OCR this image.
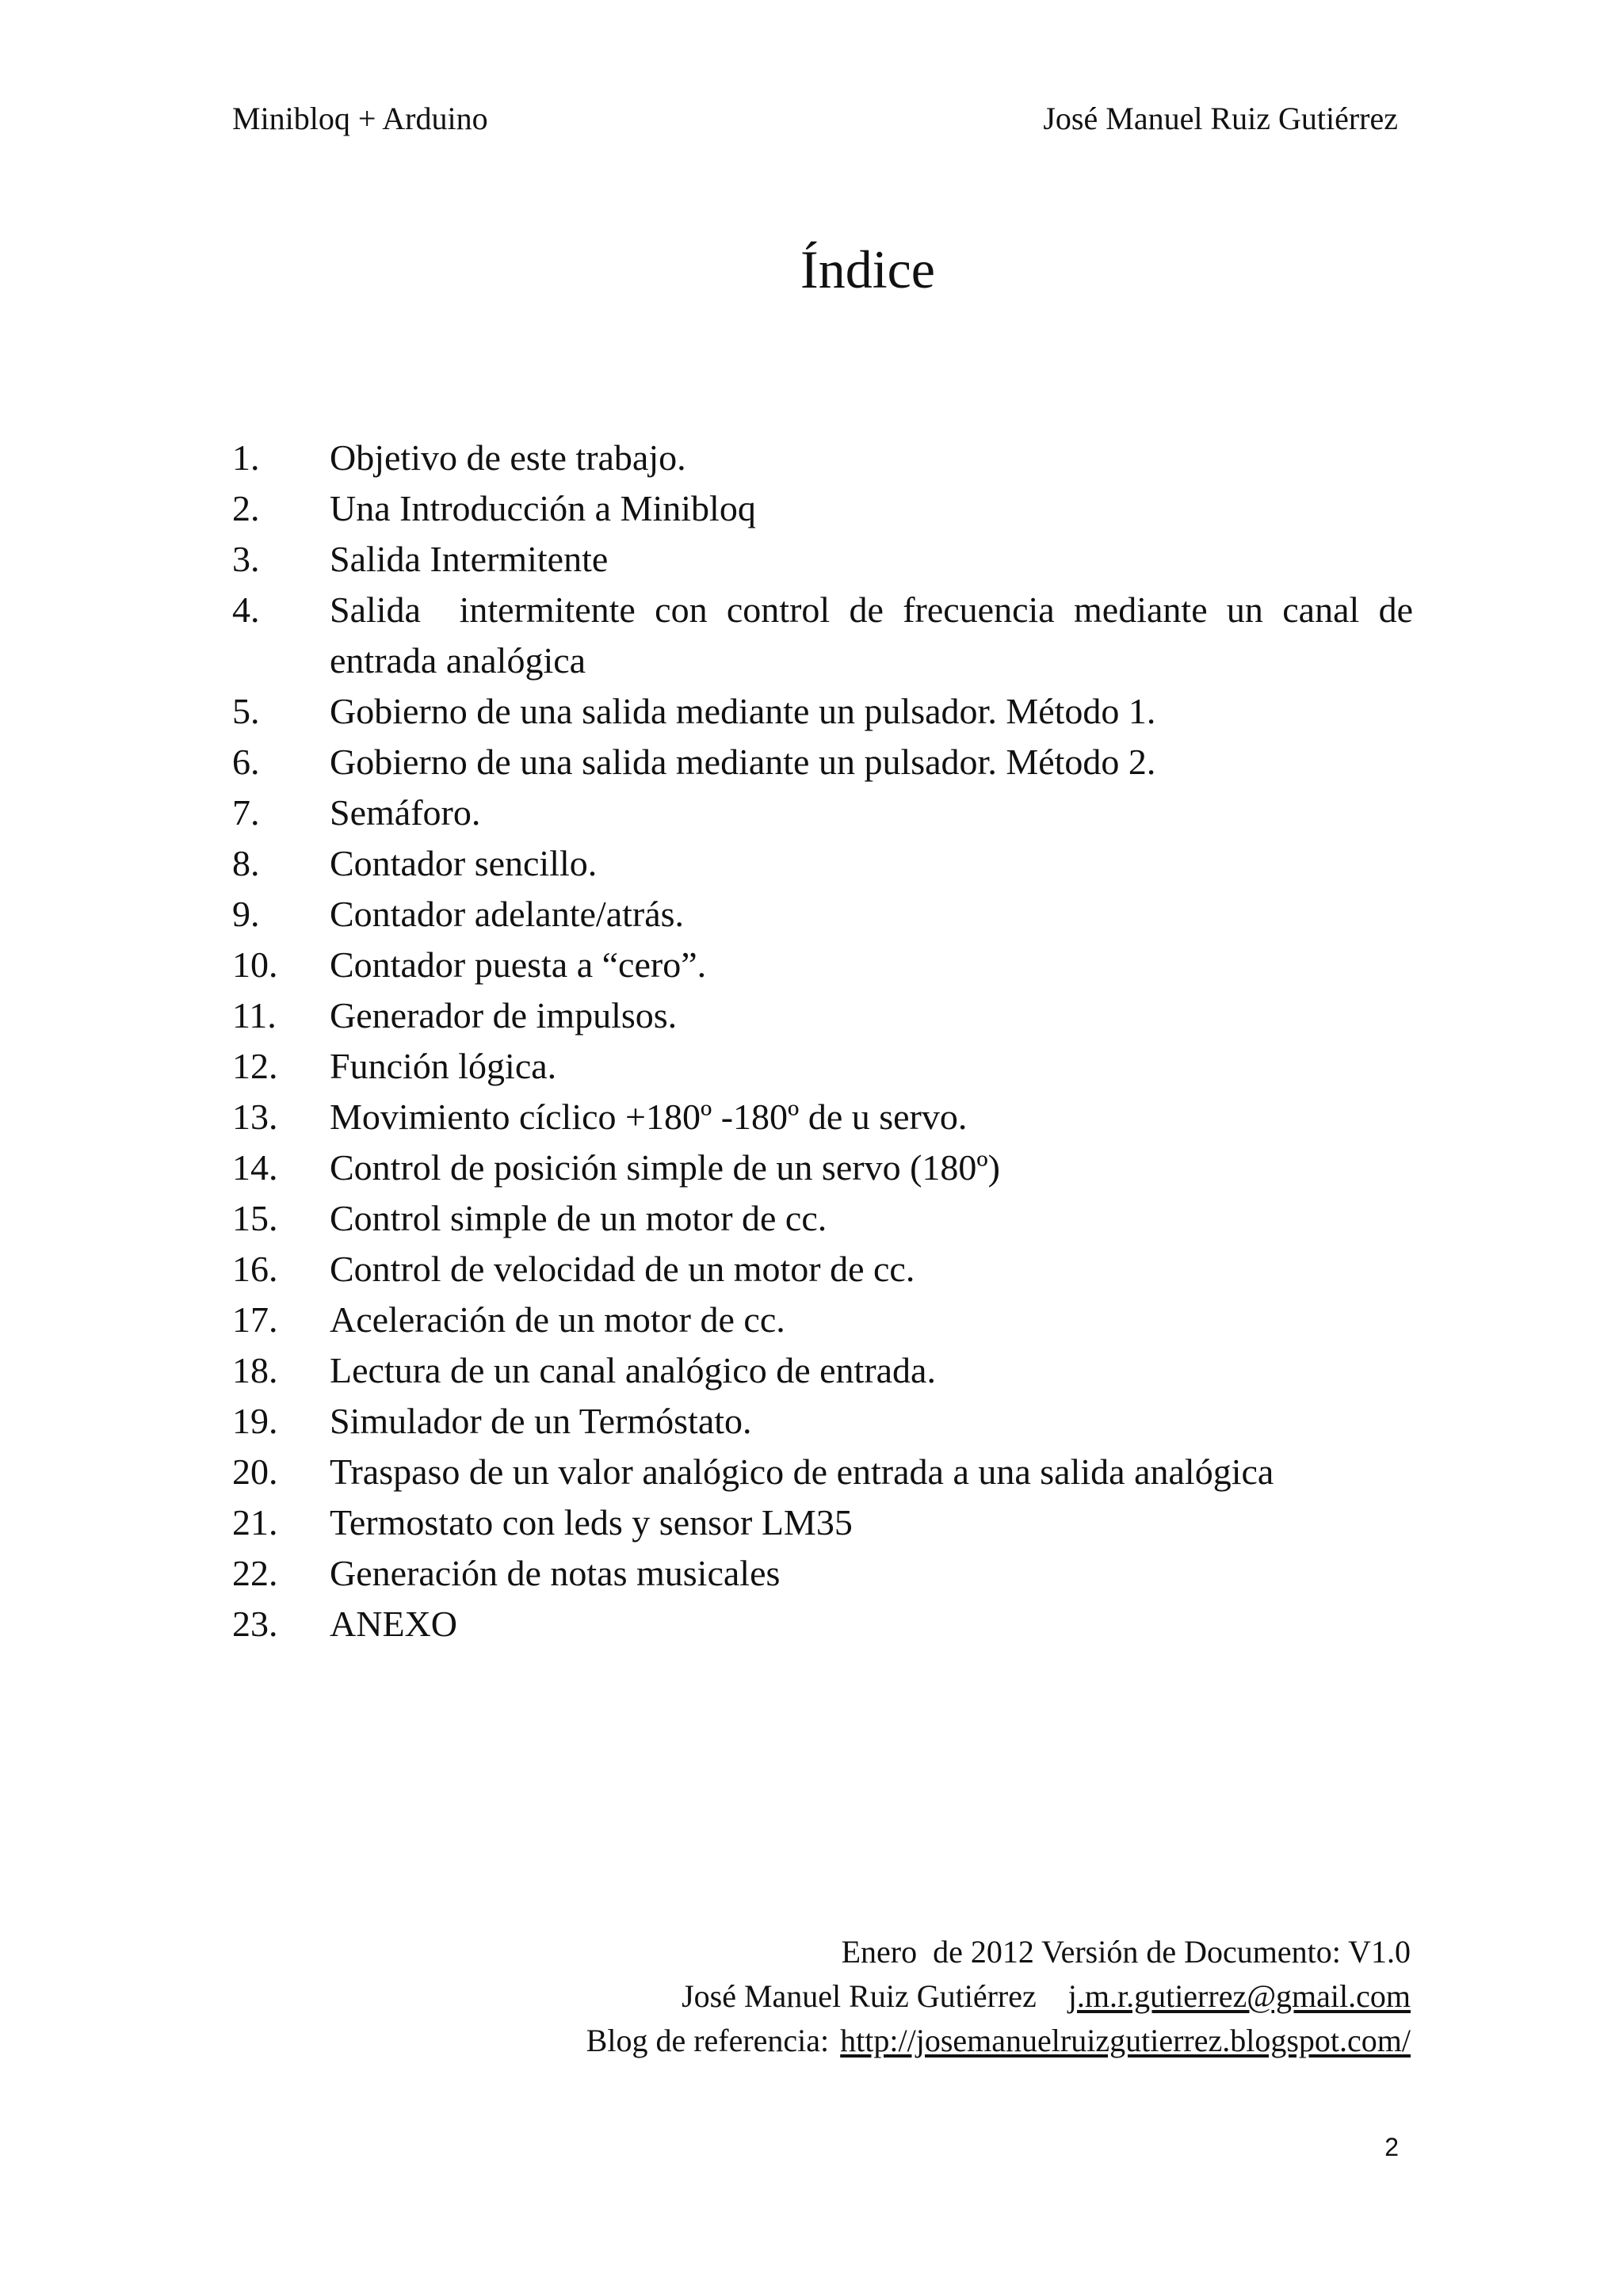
Minibloq + Arduino	José Manuel Ruiz Gutiérrez
Índice
1.	Objetivo de este trabajo.
2.	Una Introducción a Minibloq
3.	Salida Intermitente
4.	Salida  intermitente con control de frecuencia mediante un canal de entrada analógica
5.	Gobierno de una salida mediante un pulsador. Método 1.
6.	Gobierno de una salida mediante un pulsador. Método 2.
7.	Semáforo.
8.	Contador sencillo.
9.	Contador adelante/atrás.
10.	Contador puesta a “cero”.
11.	Generador de impulsos.
12.	Función lógica.
13.	Movimiento cíclico +180º -180º de u servo.
14.	Control de posición simple de un servo (180º)
15.	Control simple de un motor de cc.
16.	Control de velocidad de un motor de cc.
17.	Aceleración de un motor de cc.
18.	Lectura de un canal analógico de entrada.
19.	Simulador de un Termóstato.
20.	Traspaso de un valor analógico de entrada a una salida analógica
21.	Termostato con leds y sensor LM35
22.	Generación de notas musicales
23.	ANEXO
Enero  de 2012 Versión de Documento: V1.0
José Manuel Ruiz Gutiérrez j.m.r.gutierrez@gmail.com
Blog de referencia: http://josemanuelruizgutierrez.blogspot.com/
2
